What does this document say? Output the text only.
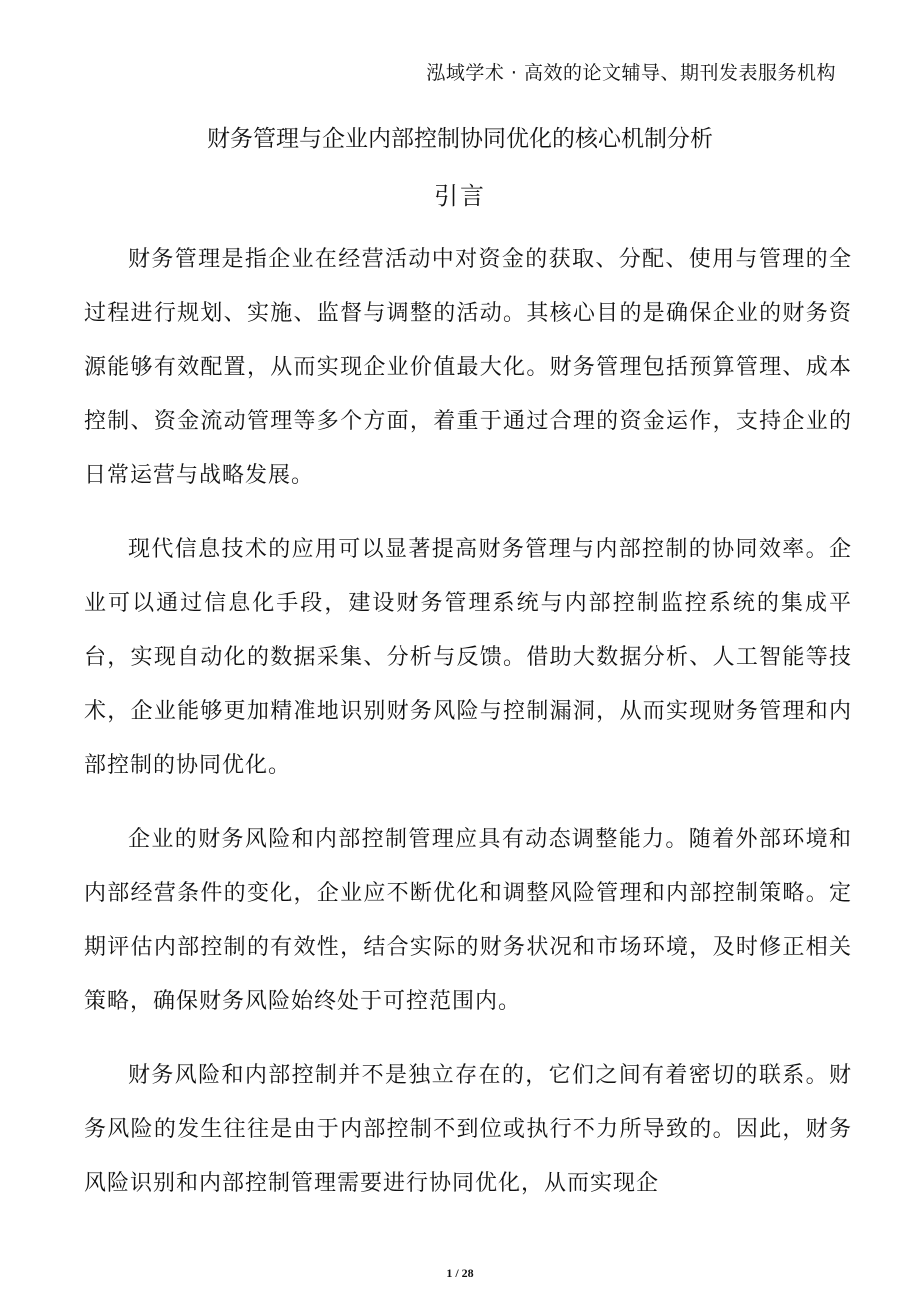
泓域学术 · 高效的论文辅导、期刊发表服务机构
财务管理与企业内部控制协同优化的核心机制分析
引言

财务管理是指企业在经营活动中对资金的获取、分配、使用与管理的全过程进行规划、实施、监督与调整的活动。其核心目的是确保企业的财务资源能够有效配置，从而实现企业价值最大化。财务管理包括预算管理、成本控制、资金流动管理等多个方面，着重于通过合理的资金运作，支持企业的日常运营与战略发展。

现代信息技术的应用可以显著提高财务管理与内部控制的协同效率。企业可以通过信息化手段，建设财务管理系统与内部控制监控系统的集成平台，实现自动化的数据采集、分析与反馈。借助大数据分析、人工智能等技术，企业能够更加精准地识别财务风险与控制漏洞，从而实现财务管理和内部控制的协同优化。

企业的财务风险和内部控制管理应具有动态调整能力。随着外部环境和内部经营条件的变化，企业应不断优化和调整风险管理和内部控制策略。定期评估内部控制的有效性，结合实际的财务状况和市场环境，及时修正相关策略，确保财务风险始终处于可控范围内。

财务风险和内部控制并不是独立存在的，它们之间有着密切的联系。财务风险的发生往往是由于内部控制不到位或执行不力所导致的。因此，财务风险识别和内部控制管理需要进行协同优化，从而实现企

1 / 28
